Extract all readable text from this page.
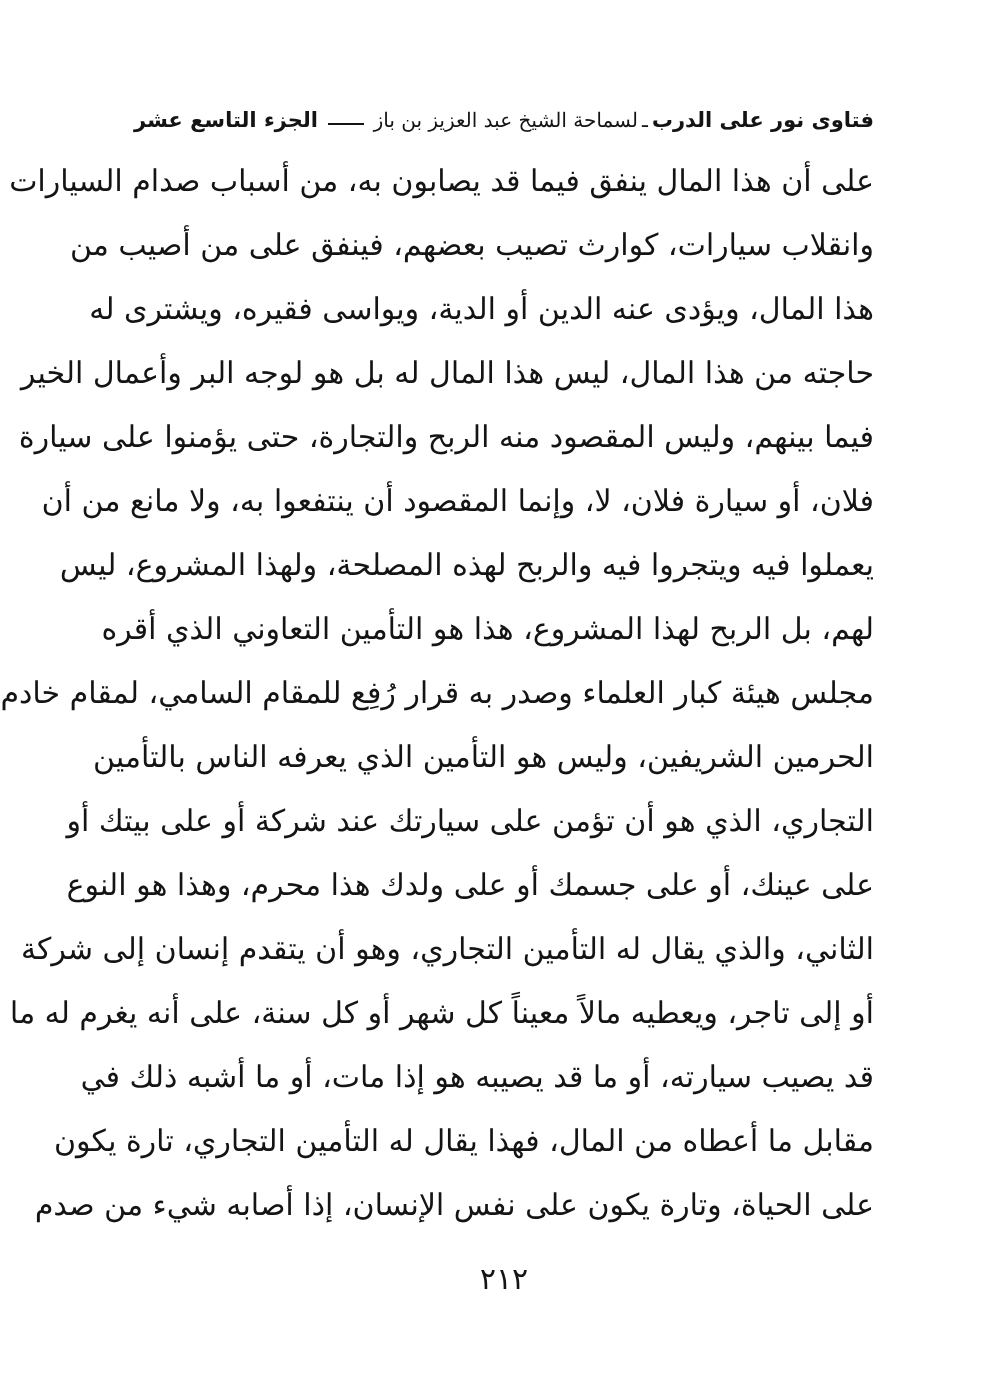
فتاوى نور على الدرب
ـ
لسماحة الشيخ عبد العزيز بن باز
الجزء التاسع عشر
على أن هذا المال ينفق فيما قد يصابون به، من أسباب صدام السيارات
وانقلاب سيارات، كوارث تصيب بعضهم، فينفق على من أصيب من
هذا المال، ويؤدى عنه الدين أو الدية، ويواسى فقيره، ويشترى له
حاجته من هذا المال، ليس هذا المال له بل هو لوجه البر وأعمال الخير
فيما بينهم، وليس المقصود منه الربح والتجارة، حتى يؤمنوا على سيارة
فلان، أو سيارة فلان، لا، وإنما المقصود أن ينتفعوا به، ولا مانع من أن
يعملوا فيه ويتجروا فيه والربح لهذه المصلحة، ولهذا المشروع، ليس
لهم، بل الربح لهذا المشروع، هذا هو التأمين التعاوني الذي أقره
مجلس هيئة كبار العلماء وصدر به قرار رُفِع للمقام السامي، لمقام خادم
الحرمين الشريفين، وليس هو التأمين الذي يعرفه الناس بالتأمين
التجاري، الذي هو أن تؤمن على سيارتك عند شركة أو على بيتك أو
على عينك، أو على جسمك أو على ولدك هذا محرم، وهذا هو النوع
الثاني، والذي يقال له التأمين التجاري، وهو أن يتقدم إنسان إلى شركة
أو إلى تاجر، ويعطيه مالاً معيناً كل شهر أو كل سنة، على أنه يغرم له ما
قد يصيب سيارته، أو ما قد يصيبه هو إذا مات، أو ما أشبه ذلك في
مقابل ما أعطاه من المال، فهذا يقال له التأمين التجاري، تارة يكون
على الحياة، وتارة يكون على نفس الإنسان، إذا أصابه شيء من صدم
٢١٢
